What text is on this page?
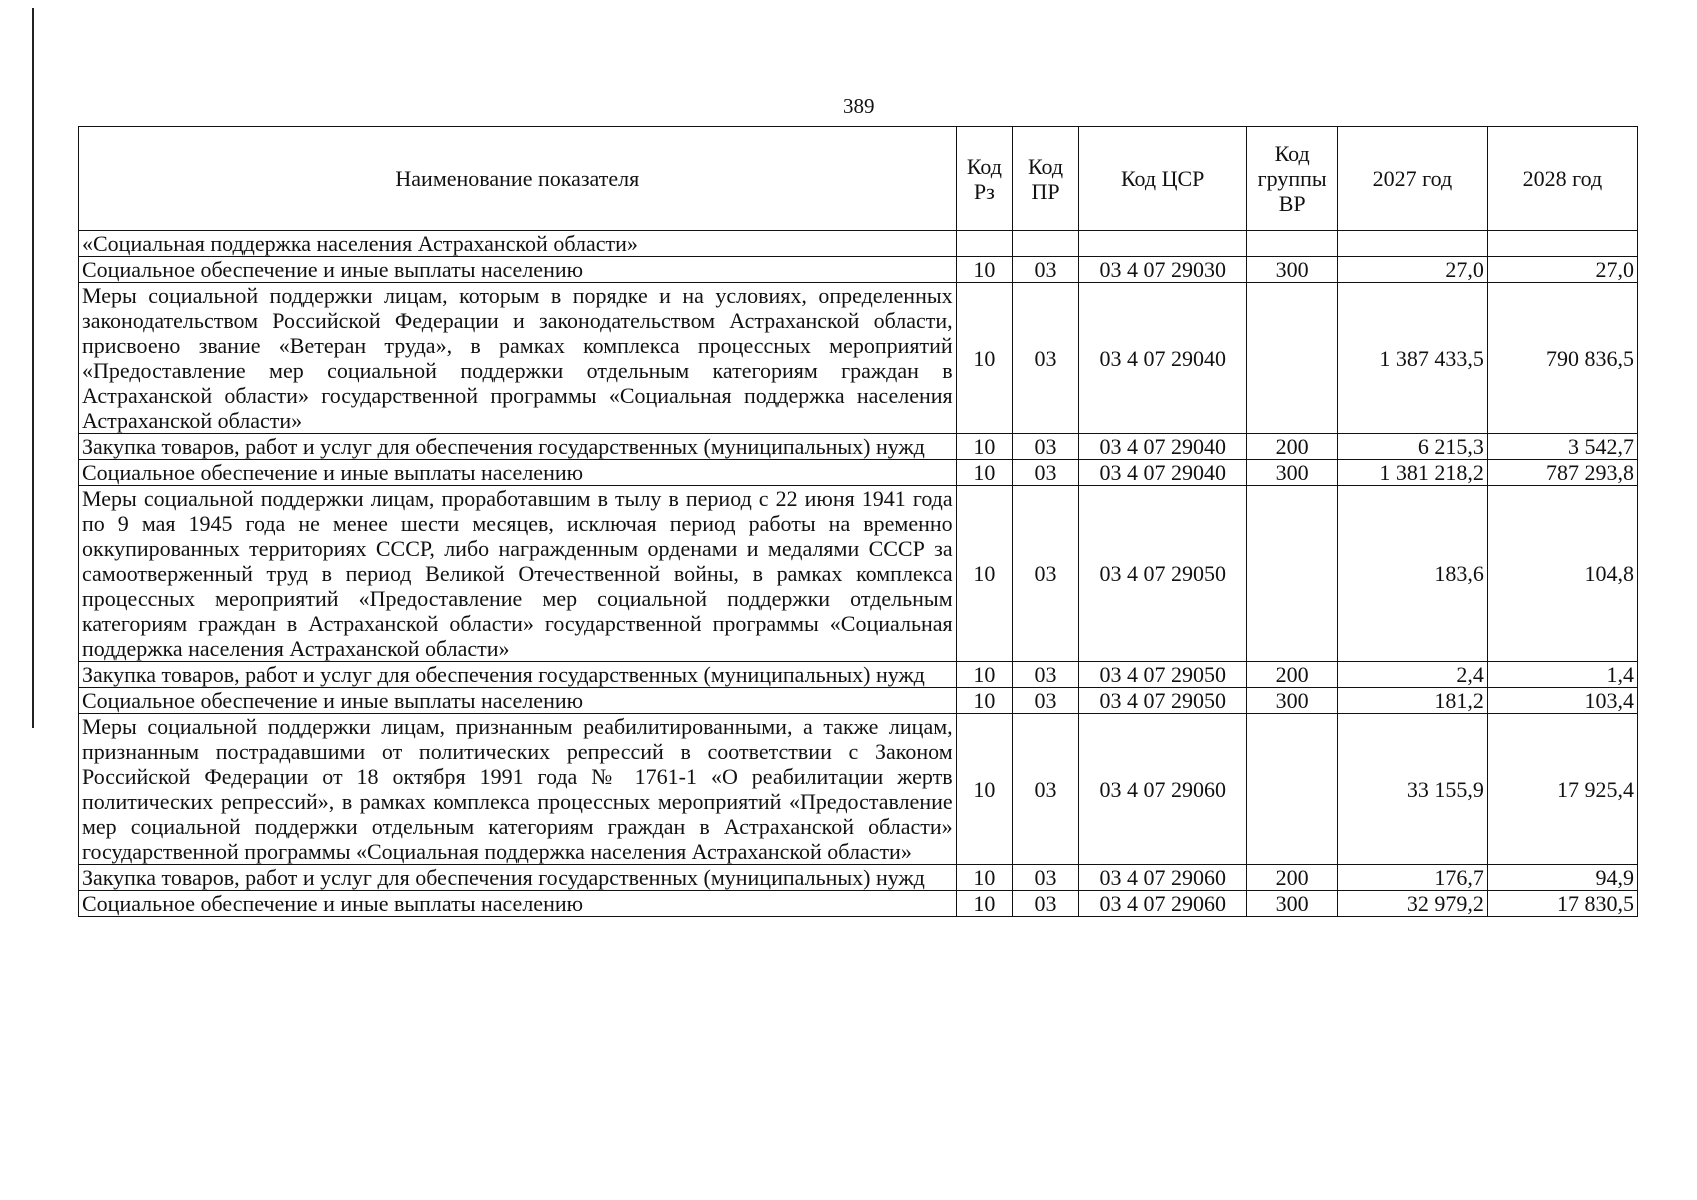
389
Наименование показателя	Код Рз	Код ПР	Код ЦСР	Код группы ВР	2027 год	2028 год
«Социальная поддержка населения Астраханской области»						
Социальное обеспечение и иные выплаты населению	10	03	03 4 07 29030	300	27,0	27,0
Меры социальной поддержки лицам, которым в порядке и на условиях, определенных законодательством Российской Федерации и законодательством Астраханской области, присвоено звание «Ветеран труда», в рамках комплекса процессных мероприятий «Предоставление мер социальной поддержки отдельным категориям граждан в Астраханской области» государственной программы «Социальная поддержка населения Астраханской области»	10	03	03 4 07 29040		1 387 433,5	790 836,5
Закупка товаров, работ и услуг для обеспечения государственных (муниципальных) нужд	10	03	03 4 07 29040	200	6 215,3	3 542,7
Социальное обеспечение и иные выплаты населению	10	03	03 4 07 29040	300	1 381 218,2	787 293,8
Меры социальной поддержки лицам, проработавшим в тылу в период с 22 июня 1941 года по 9 мая 1945 года не менее шести месяцев, исключая период работы на временно оккупированных территориях СССР, либо награжденным орденами и медалями СССР за самоотверженный труд в период Великой Отечественной войны, в рамках комплекса процессных мероприятий «Предоставление мер социальной поддержки отдельным категориям граждан в Астраханской области» государственной программы «Социальная поддержка населения Астраханской области»	10	03	03 4 07 29050		183,6	104,8
Закупка товаров, работ и услуг для обеспечения государственных (муниципальных) нужд	10	03	03 4 07 29050	200	2,4	1,4
Социальное обеспечение и иные выплаты населению	10	03	03 4 07 29050	300	181,2	103,4
Меры социальной поддержки лицам, признанным реабилитированными, а также лицам, признанным пострадавшими от политических репрессий в соответствии с Законом Российской Федерации от 18 октября 1991 года № 1761-1 «О реабилитации жертв политических репрессий», в рамках комплекса процессных мероприятий «Предоставление мер социальной поддержки отдельным категориям граждан в Астраханской области» государственной программы «Социальная поддержка населения Астраханской области»	10	03	03 4 07 29060		33 155,9	17 925,4
Закупка товаров, работ и услуг для обеспечения государственных (муниципальных) нужд	10	03	03 4 07 29060	200	176,7	94,9
Социальное обеспечение и иные выплаты населению	10	03	03 4 07 29060	300	32 979,2	17 830,5
